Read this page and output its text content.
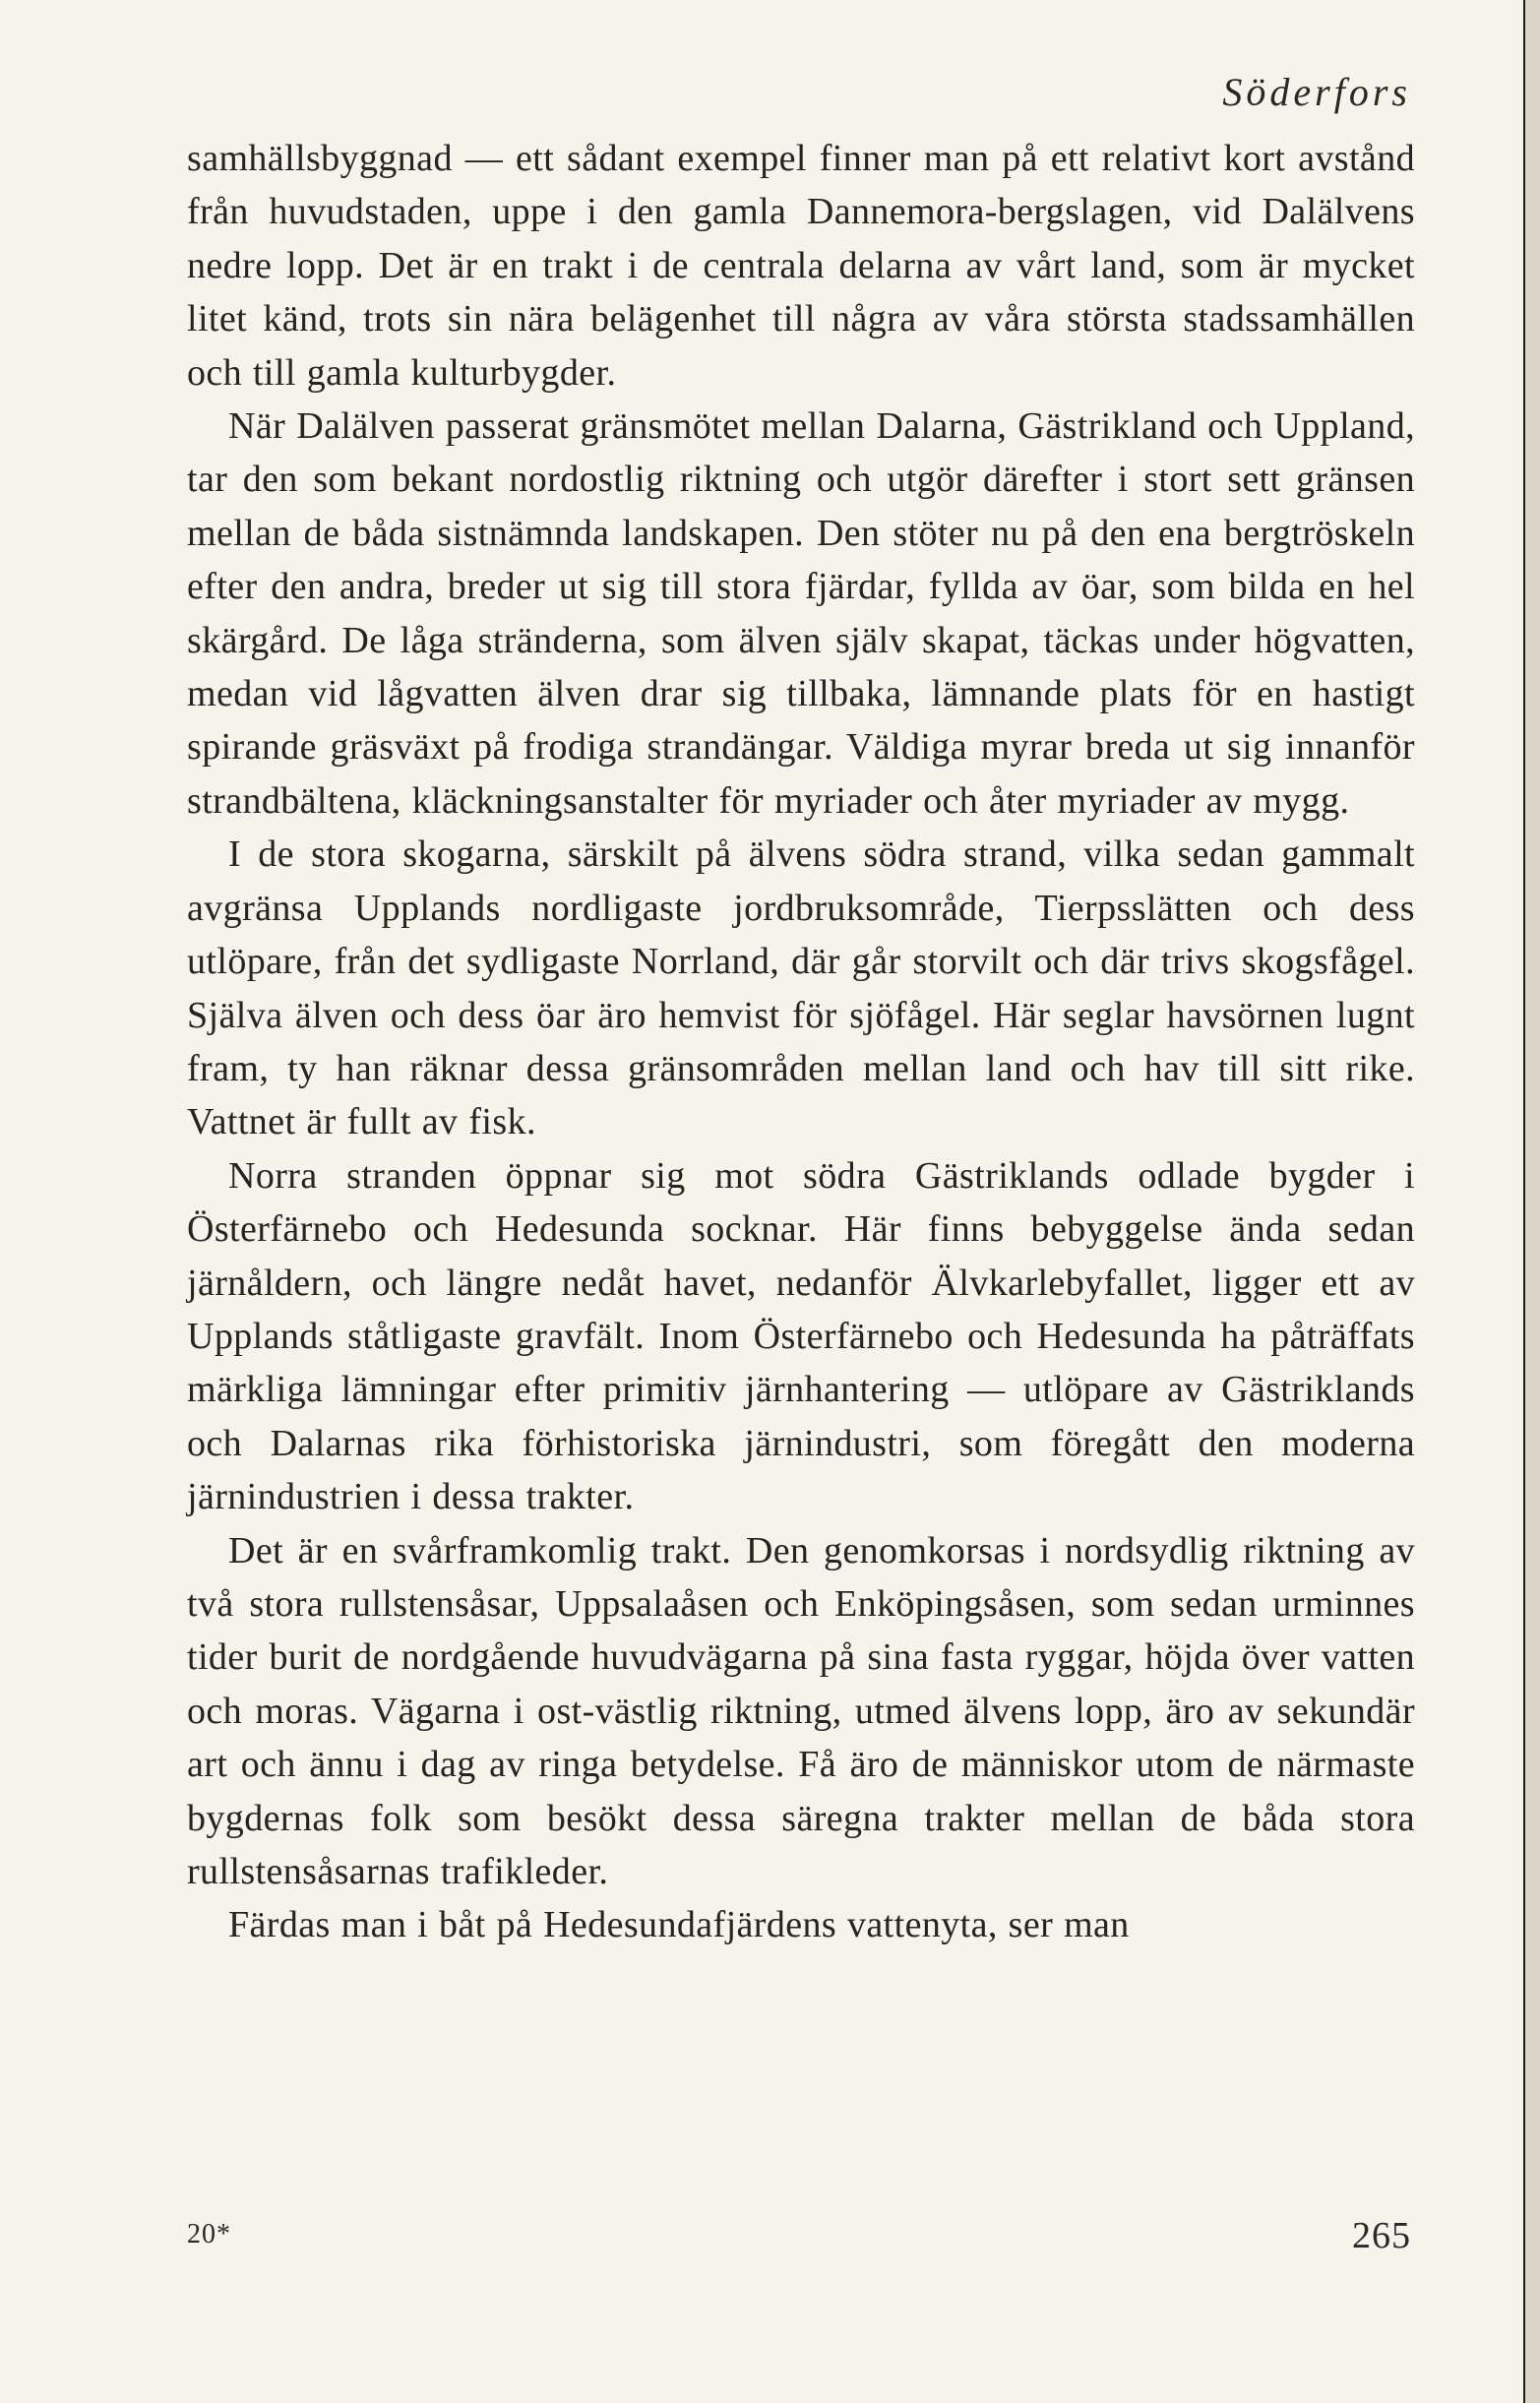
Söderfors

samhällsbyggnad — ett sådant exempel finner man på ett relativt kort avstånd från huvudstaden, uppe i den gamla Dannemora-bergslagen, vid Dalälvens nedre lopp. Det är en trakt i de centrala delarna av vårt land, som är mycket litet känd, trots sin nära belägenhet till några av våra största stadssamhällen och till gamla kulturbygder.

När Dalälven passerat gränsmötet mellan Dalarna, Gästrikland och Uppland, tar den som bekant nordostlig riktning och utgör därefter i stort sett gränsen mellan de båda sistnämnda landskapen. Den stöter nu på den ena bergtröskeln efter den andra, breder ut sig till stora fjärdar, fyllda av öar, som bilda en hel skärgård. De låga stränderna, som älven själv skapat, täckas under högvatten, medan vid lågvatten älven drar sig tillbaka, lämnande plats för en hastigt spirande gräsväxt på frodiga strandängar. Väldiga myrar breda ut sig innanför strandbältena, kläckningsanstalter för myriader och åter myriader av mygg.

I de stora skogarna, särskilt på älvens södra strand, vilka sedan gammalt avgränsa Upplands nordligaste jordbruksområde, Tierpsslätten och dess utlöpare, från det sydligaste Norrland, där går storvilt och där trivs skogsfågel. Själva älven och dess öar äro hemvist för sjöfågel. Här seglar havsörnen lugnt fram, ty han räknar dessa gränsområden mellan land och hav till sitt rike. Vattnet är fullt av fisk.

Norra stranden öppnar sig mot södra Gästriklands odlade bygder i Österfärnebo och Hedesunda socknar. Här finns bebyggelse ända sedan järnåldern, och längre nedåt havet, nedanför Älvkarlebyfallet, ligger ett av Upplands ståtligaste gravfält. Inom Österfärnebo och Hedesunda ha påträffats märkliga lämningar efter primitiv järnhantering — utlöpare av Gästriklands och Dalarnas rika förhistoriska järnindustri, som föregått den moderna järnindustrien i dessa trakter.

Det är en svårframkomlig trakt. Den genomkorsas i nordsydlig riktning av två stora rullstensåsar, Uppsalaåsen och Enköpingsåsen, som sedan urminnes tider burit de nordgående huvudvägarna på sina fasta ryggar, höjda över vatten och moras. Vägarna i ost-västlig riktning, utmed älvens lopp, äro av sekundär art och ännu i dag av ringa betydelse. Få äro de människor utom de närmaste bygdernas folk som besökt dessa säregna trakter mellan de båda stora rullstensåsarnas trafikleder.

Färdas man i båt på Hedesundafjärdens vattenyta, ser man

20*	265
